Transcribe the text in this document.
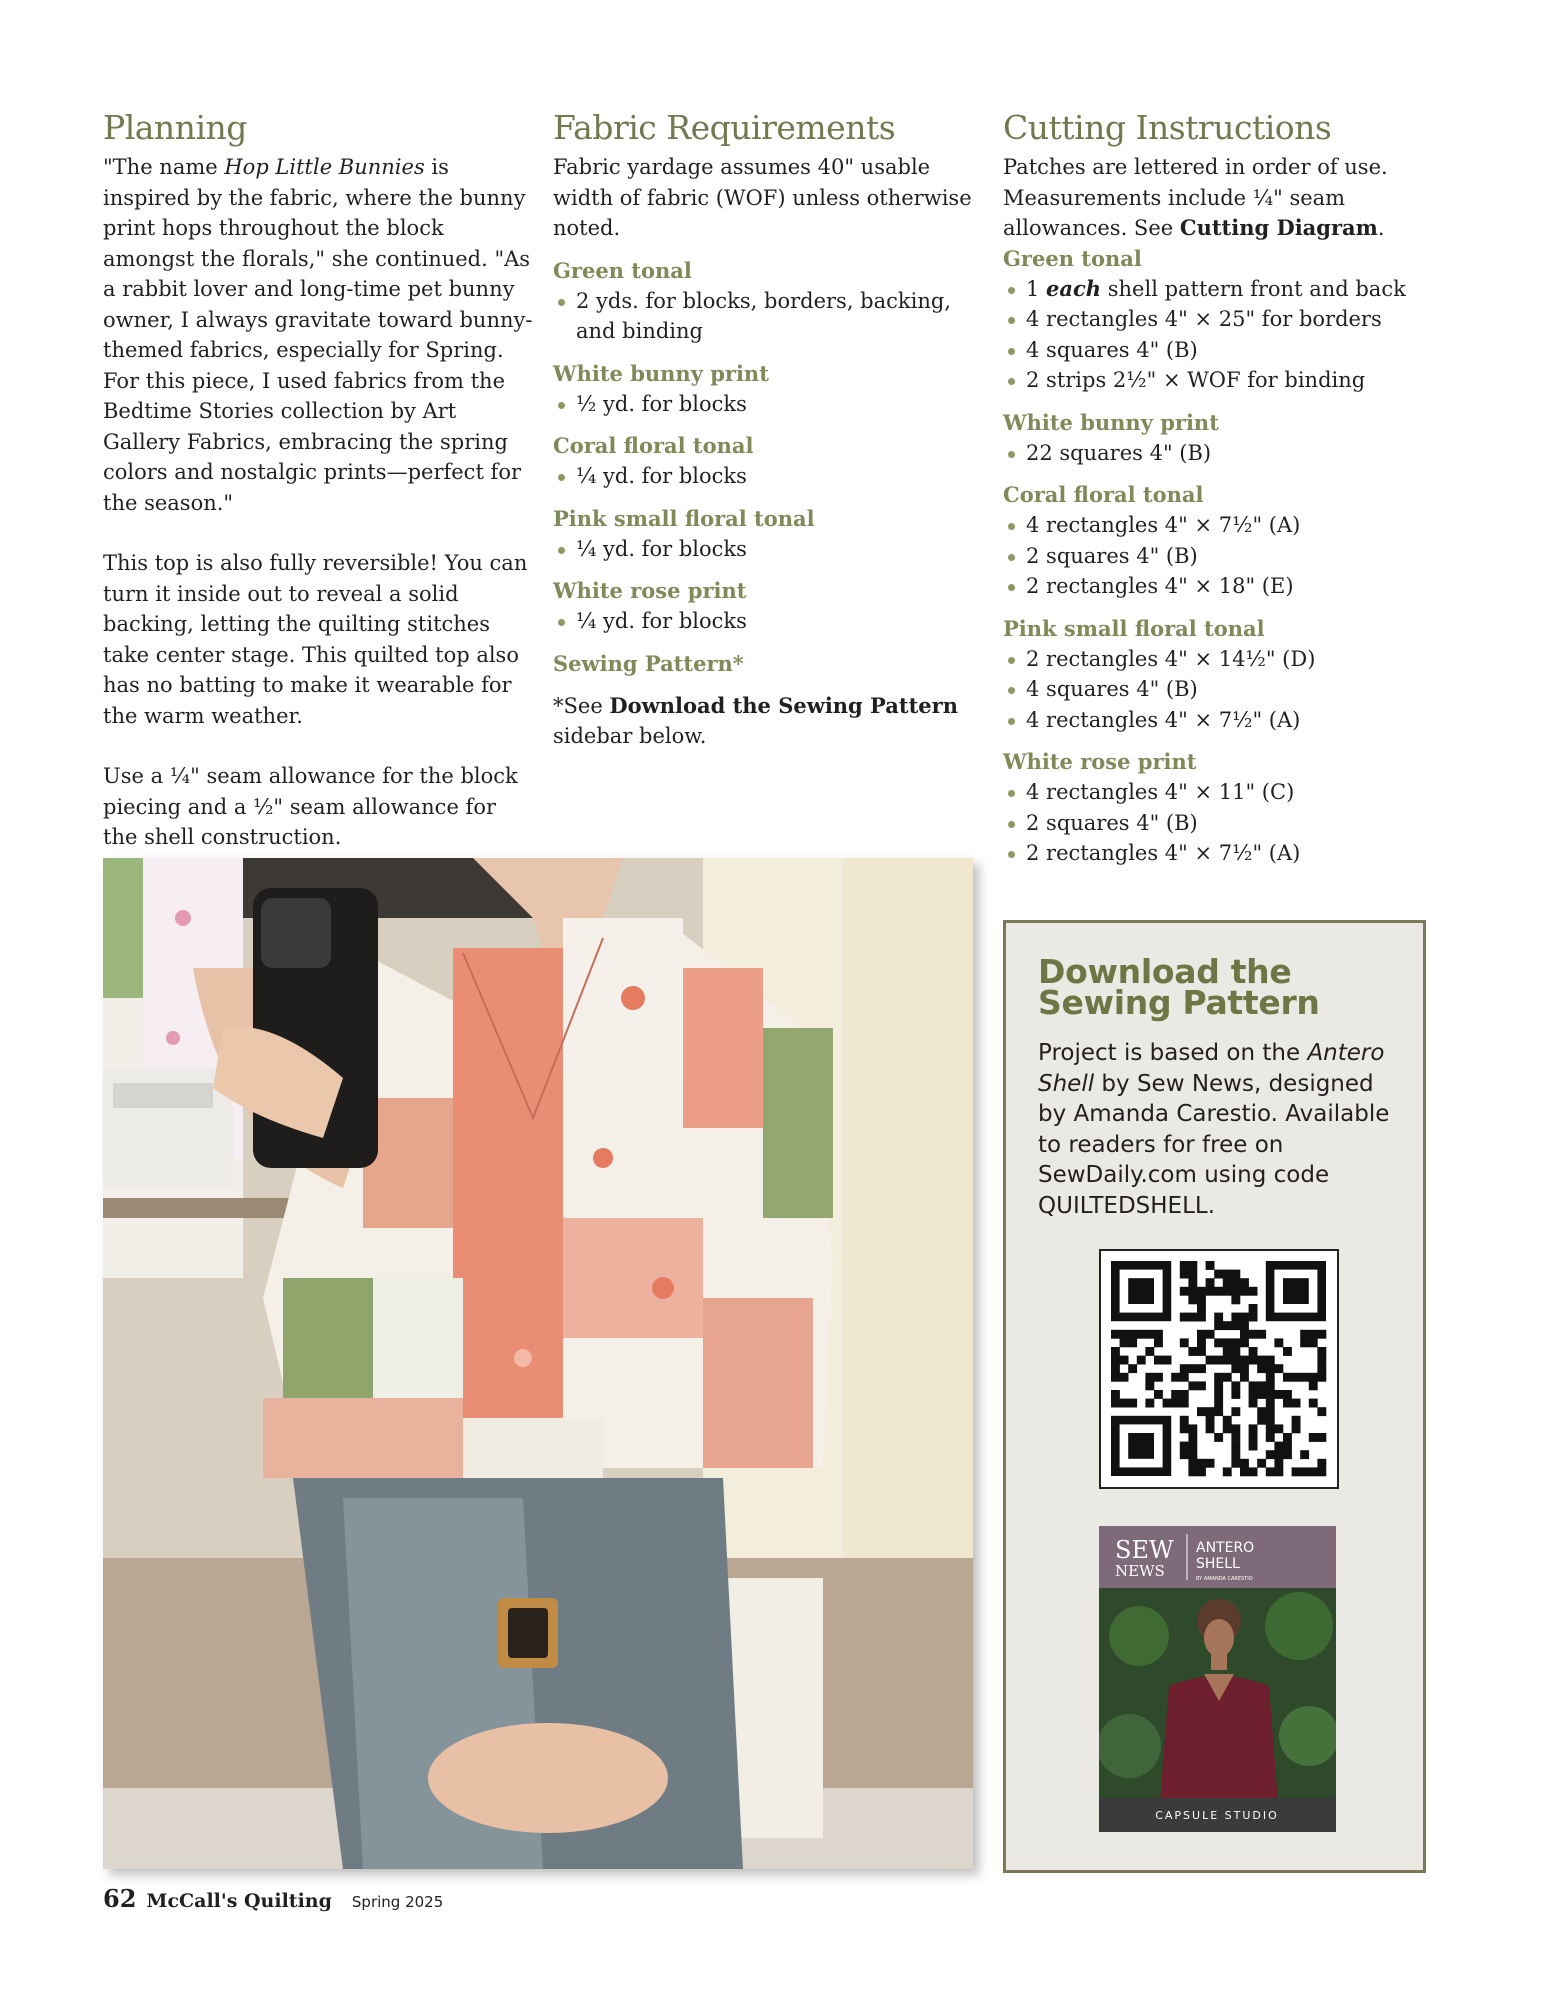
Planning

"The name Hop Little Bunnies is inspired by the fabric, where the bunny print hops throughout the block amongst the florals," she continued. "As a rabbit lover and long-time pet bunny owner, I always gravitate toward bunny-themed fabrics, especially for Spring. For this piece, I used fabrics from the Bedtime Stories collection by Art Gallery Fabrics, embracing the spring colors and nostalgic prints—perfect for the season."

This top is also fully reversible! You can turn it inside out to reveal a solid backing, letting the quilting stitches take center stage. This quilted top also has no batting to make it wearable for the warm weather.

Use a ¼" seam allowance for the block piecing and a ½" seam allowance for the shell construction.

Fabric Requirements

Fabric yardage assumes 40" usable width of fabric (WOF) unless otherwise noted.

Green tonal
2 yds. for blocks, borders, backing, and binding
White bunny print
½ yd. for blocks
Coral floral tonal
¼ yd. for blocks
Pink small floral tonal
¼ yd. for blocks
White rose print
¼ yd. for blocks
Sewing Pattern*
*See Download the Sewing Pattern sidebar below.
Cutting Instructions

Patches are lettered in order of use. Measurements include ¼" seam allowances. See Cutting Diagram.

Green tonal
1 each shell pattern front and back
4 rectangles 4" × 25" for borders
4 squares 4" (B)
2 strips 2½" × WOF for binding
White bunny print
22 squares 4" (B)
Coral floral tonal
4 rectangles 4" × 7½" (A)
2 squares 4" (B)
2 rectangles 4" × 18" (E)
Pink small floral tonal
2 rectangles 4" × 14½" (D)
4 squares 4" (B)
4 rectangles 4" × 7½" (A)
White rose print
4 rectangles 4" × 11" (C)
2 squares 4" (B)
2 rectangles 4" × 7½" (A)
Download the
Sewing Pattern
Project is based on the Antero Shell by Sew News, designed by Amanda Carestio. Available to readers for free on SewDaily.com using code QUILTEDSHELL.
SEW
NEWS
ANTERO
SHELL
BY AMANDA CARESTIO
CAPSULE STUDIO
62 McCall's Quilting Spring 2025
